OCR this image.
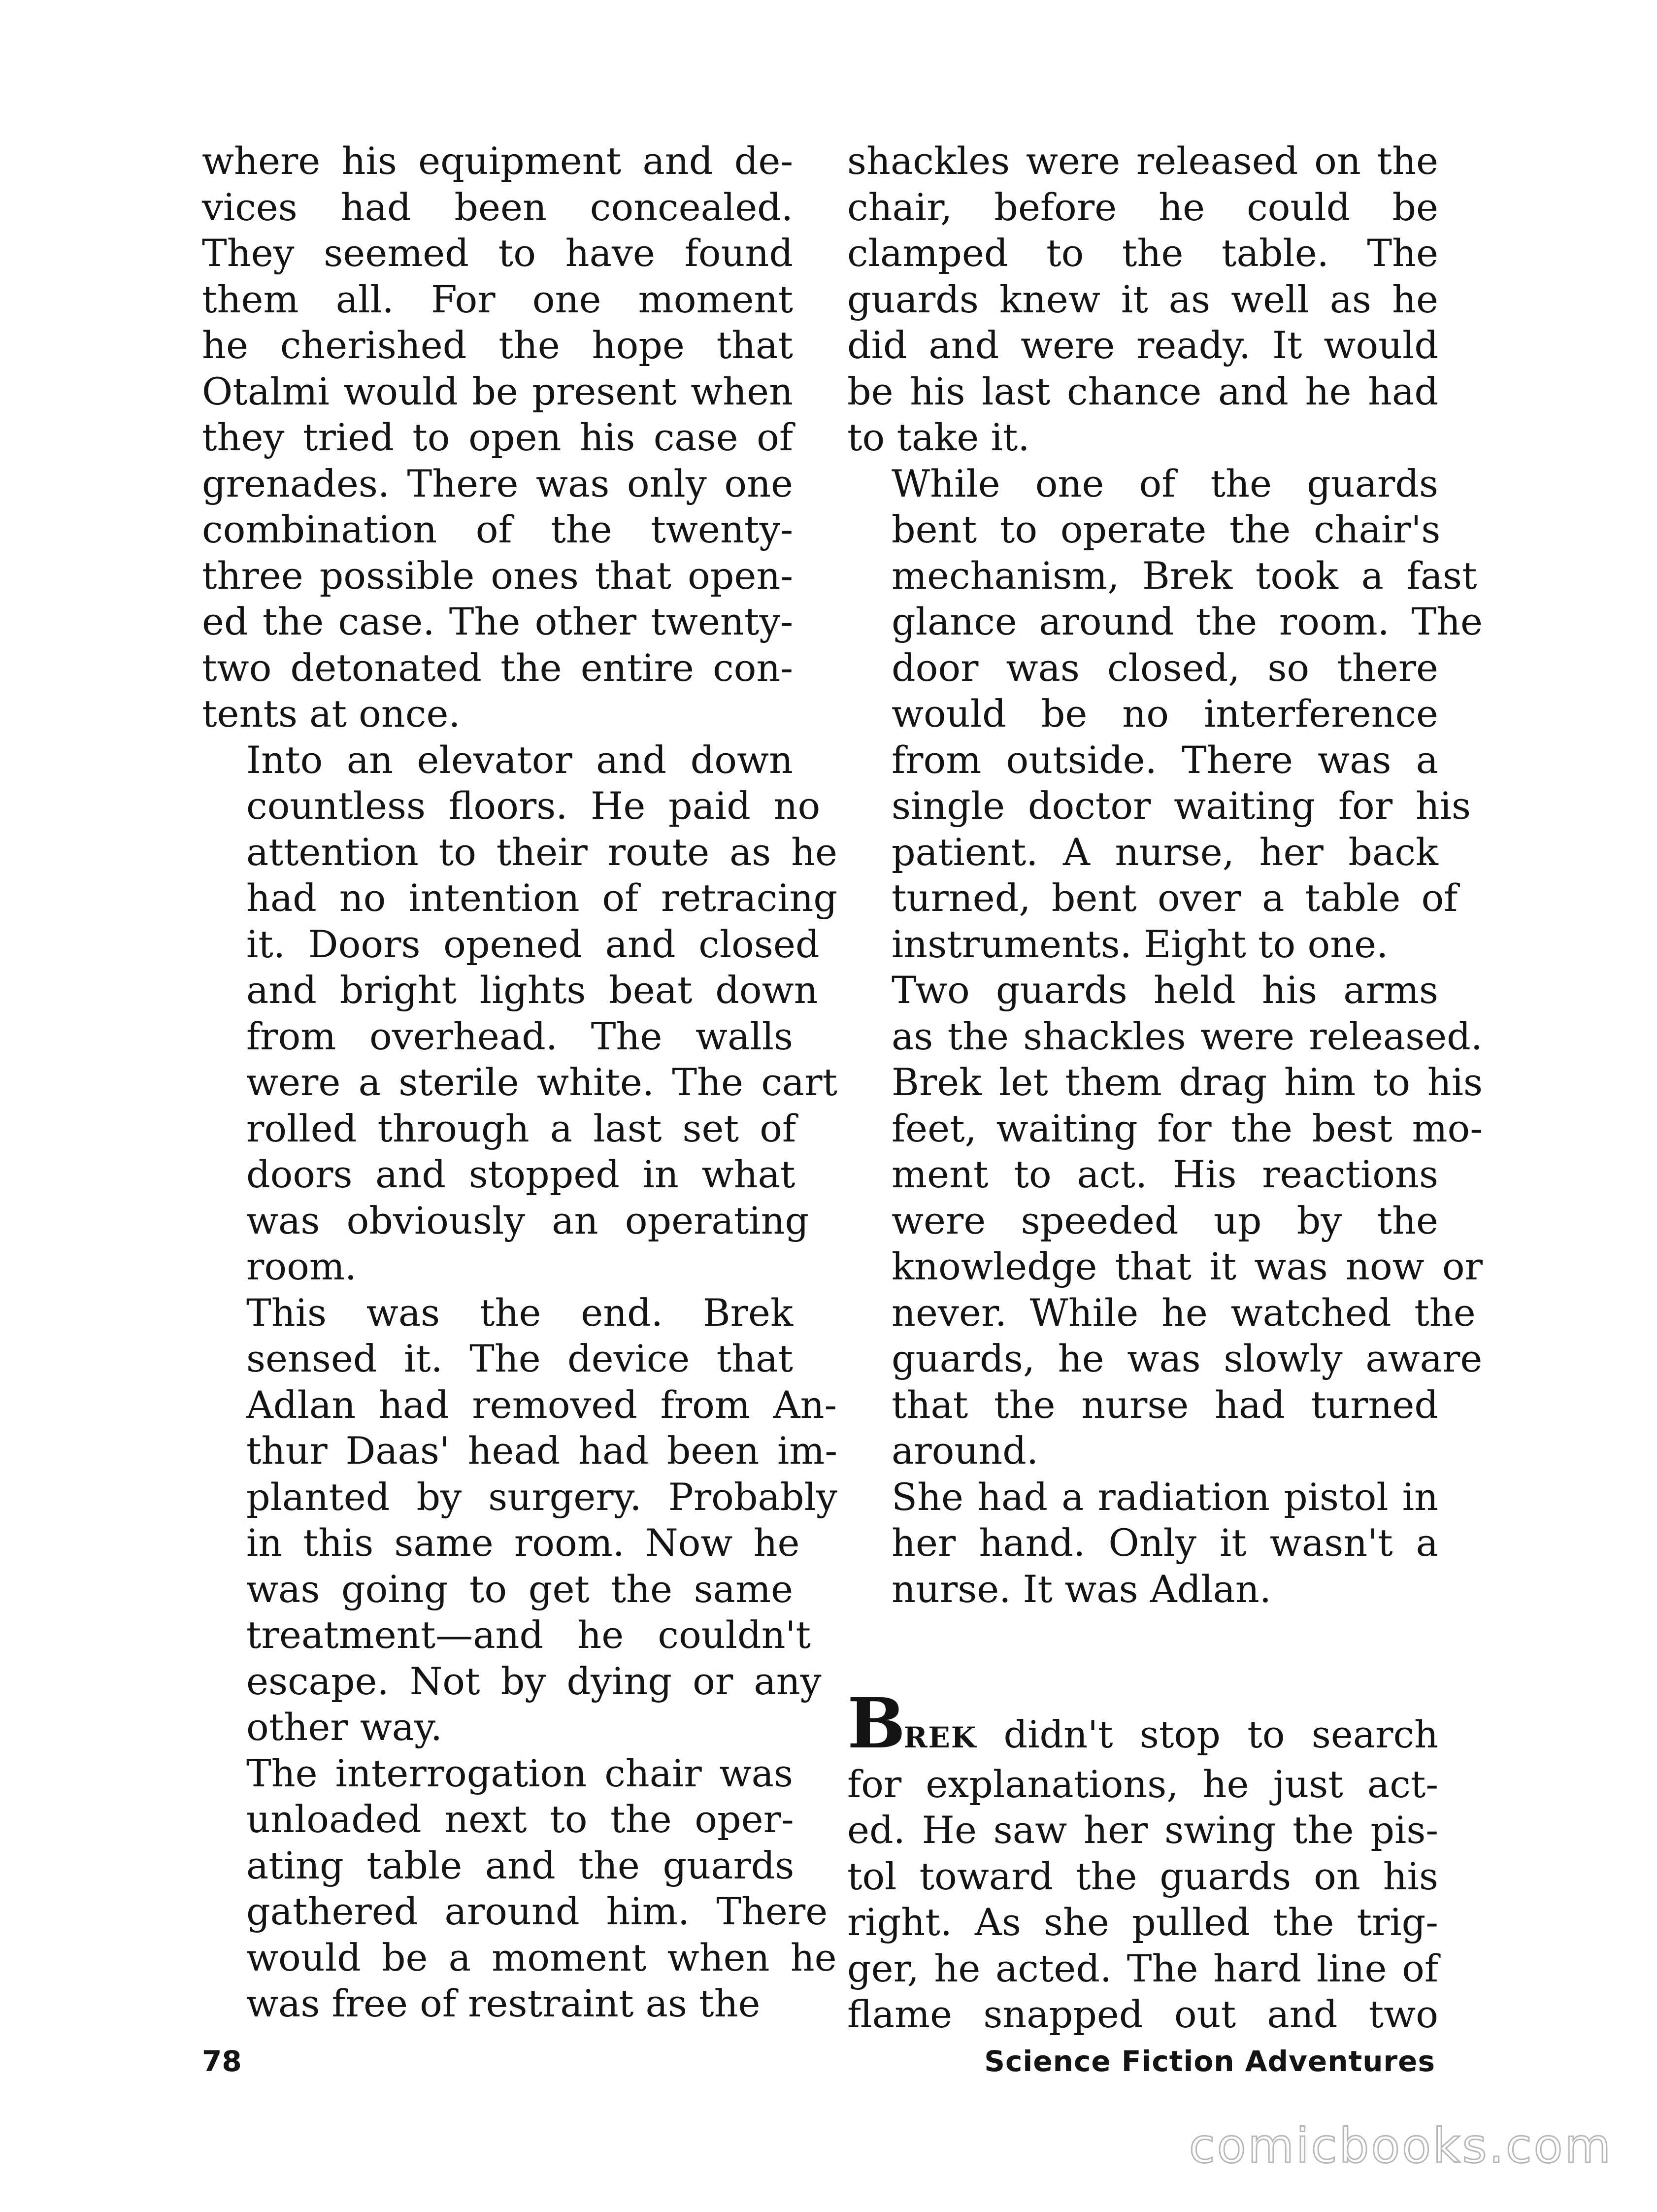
where his equipment and de-
vices had been concealed.
They seemed to have found
them all. For one moment
he cherished the hope that
Otalmi would be present when
they tried to open his case of
grenades. There was only one
combination of the twenty-
three possible ones that open-
ed the case. The other twenty-
two detonated the entire con-
tents at once.

Into an elevator and down
countless floors. He paid no
attention to their route as he
had no intention of retracing
it. Doors opened and closed
and bright lights beat down
from overhead. The walls
were a sterile white. The cart
rolled through a last set of
doors and stopped in what
was obviously an operating
room.

This was the end. Brek
sensed it. The device that
Adlan had removed from An-
thur Daas' head had been im-
planted by surgery. Probably
in this same room. Now he
was going to get the same
treatment—and he couldn't
escape. Not by dying or any
other way.

The interrogation chair was
unloaded next to the oper-
ating table and the guards
gathered around him. There
would be a moment when he
was free of restraint as the

shackles were released on the
chair, before he could be
clamped to the table. The
guards knew it as well as he
did and were ready. It would
be his last chance and he had
to take it.

While one of the guards
bent to operate the chair's
mechanism, Brek took a fast
glance around the room. The
door was closed, so there
would be no interference
from outside. There was a
single doctor waiting for his
patient. A nurse, her back
turned, bent over a table of
instruments. Eight to one.

Two guards held his arms
as the shackles were released.
Brek let them drag him to his
feet, waiting for the best mo-
ment to act. His reactions
were speeded up by the
knowledge that it was now or
never. While he watched the
guards, he was slowly aware
that the nurse had turned
around.

She had a radiation pistol in
her hand. Only it wasn't a
nurse. It was Adlan.

BREK didn't stop to search
for explanations, he just act-
ed. He saw her swing the pis-
tol toward the guards on his
right. As she pulled the trig-
ger, he acted. The hard line of
flame snapped out and two

78	Science Fiction Adventures
comicbooks.com
